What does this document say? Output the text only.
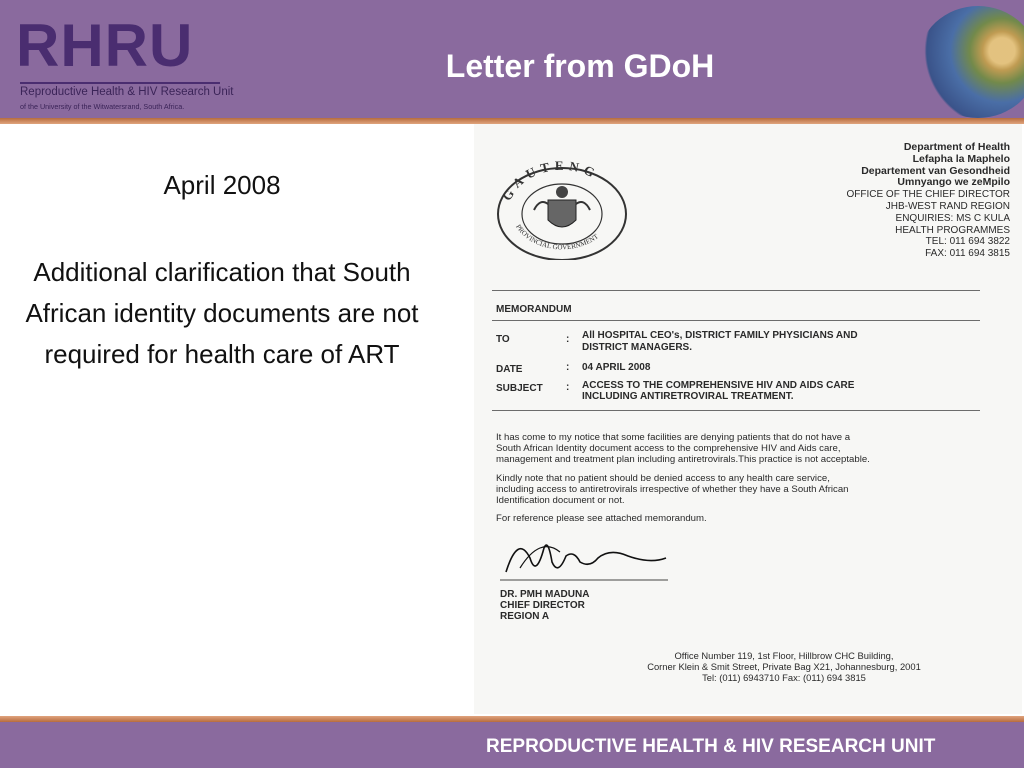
RHRU
Reproductive Health & HIV Research Unit
of the University of the Witwatersrand, South Africa.
Letter from GDoH
April 2008
Additional clarification that South African identity documents are not required for health care of ART
GAUTENG
PROVINCIAL GOVERNMENT
Department of Health
Lefapha la Maphelo
Departement van Gesondheid
Umnyango we zeMpilo
OFFICE OF THE CHIEF DIRECTOR
JHB-WEST RAND REGION
ENQUIRIES: MS C KULA
HEALTH PROGRAMMES
TEL: 011 694 3822
FAX: 011 694 3815
MEMORANDUM
TO	: All HOSPITAL CEO's, DISTRICT FAMILY PHYSICIANS AND
DISTRICT MANAGERS.
DATE	: 04 APRIL 2008
SUBJECT : ACCESS TO THE COMPREHENSIVE HIV AND AIDS CARE
INCLUDING ANTIRETROVIRAL TREATMENT.
It has come to my notice that some facilities are denying patients that do not have a
South African Identity document access to the comprehensive HIV and Aids care,
management and treatment plan including antiretrovirals.This practice is not acceptable.
Kindly note that no patient should be denied access to any health care service,
including access to antiretrovirals irrespective of whether they have a South African
Identification document or not.
For reference please see attached memorandum.
DR. PMH MADUNA
CHIEF DIRECTOR
REGION A
Office Number 119, 1st Floor, Hillbrow CHC Building,
Corner Klein & Smit Street, Private Bag X21, Johannesburg, 2001
Tel: (011) 6943710 Fax: (011) 694 3815
REPRODUCTIVE HEALTH & HIV RESEARCH UNIT
